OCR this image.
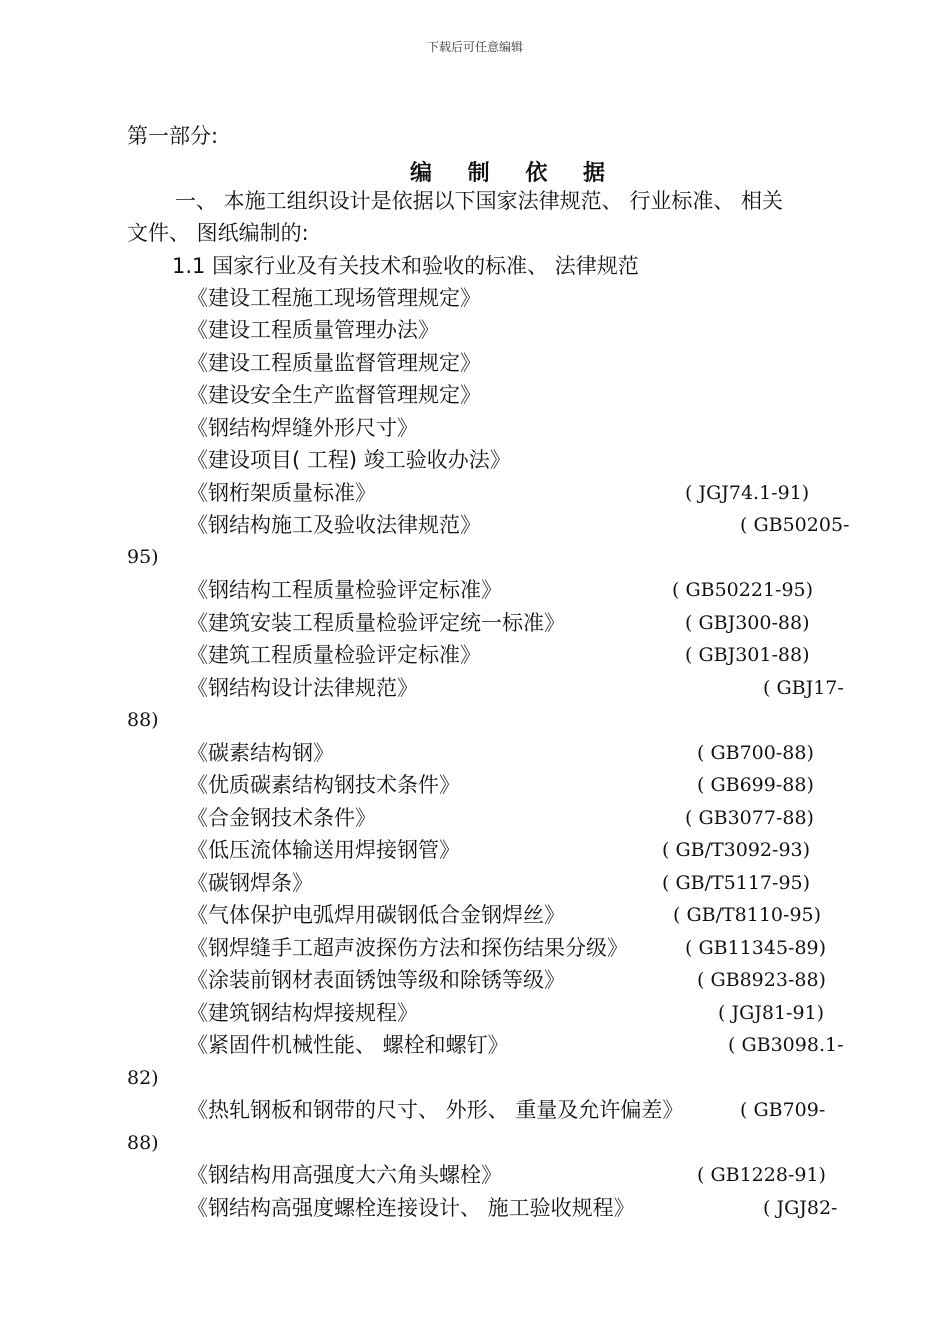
下载后可任意编辑
第一部分:
编 制 依 据
一、 本施工组织设计是依据以下国家法律规范、 行业标准、 相关
文件、 图纸编制的:
1.1 国家行业及有关技术和验收的标准、 法律规范
《建设工程施工现场管理规定》
《建设工程质量管理办法》
《建设工程质量监督管理规定》
《建设安全生产监督管理规定》
《钢结构焊缝外形尺寸》
《建设项目( 工程) 竣工验收办法》
《钢桁架质量标准》	( JGJ74.1-91)
《钢结构施工及验收法律规范》	( GB50205-
95)
《钢结构工程质量检验评定标准》	( GB50221-95)
《建筑安装工程质量检验评定统一标准》	( GBJ300-88)
《建筑工程质量检验评定标准》	( GBJ301-88)
《钢结构设计法律规范》	( GBJ17-
88)
《碳素结构钢》	( GB700-88)
《优质碳素结构钢技术条件》	( GB699-88)
《合金钢技术条件》	( GB3077-88)
《低压流体输送用焊接钢管》	( GB/T3092-93)
《碳钢焊条》	( GB/T5117-95)
《气体保护电弧焊用碳钢低合金钢焊丝》	( GB/T8110-95)
《钢焊缝手工超声波探伤方法和探伤结果分级》	( GB11345-89)
《涂装前钢材表面锈蚀等级和除锈等级》	( GB8923-88)
《建筑钢结构焊接规程》	( JGJ81-91)
《紧固件机械性能、 螺栓和螺钉》	( GB3098.1-
82)
《热轧钢板和钢带的尺寸、 外形、 重量及允许偏差》	( GB709-
88)
《钢结构用高强度大六角头螺栓》	( GB1228-91)
《钢结构高强度螺栓连接设计、 施工验收规程》	( JGJ82-
